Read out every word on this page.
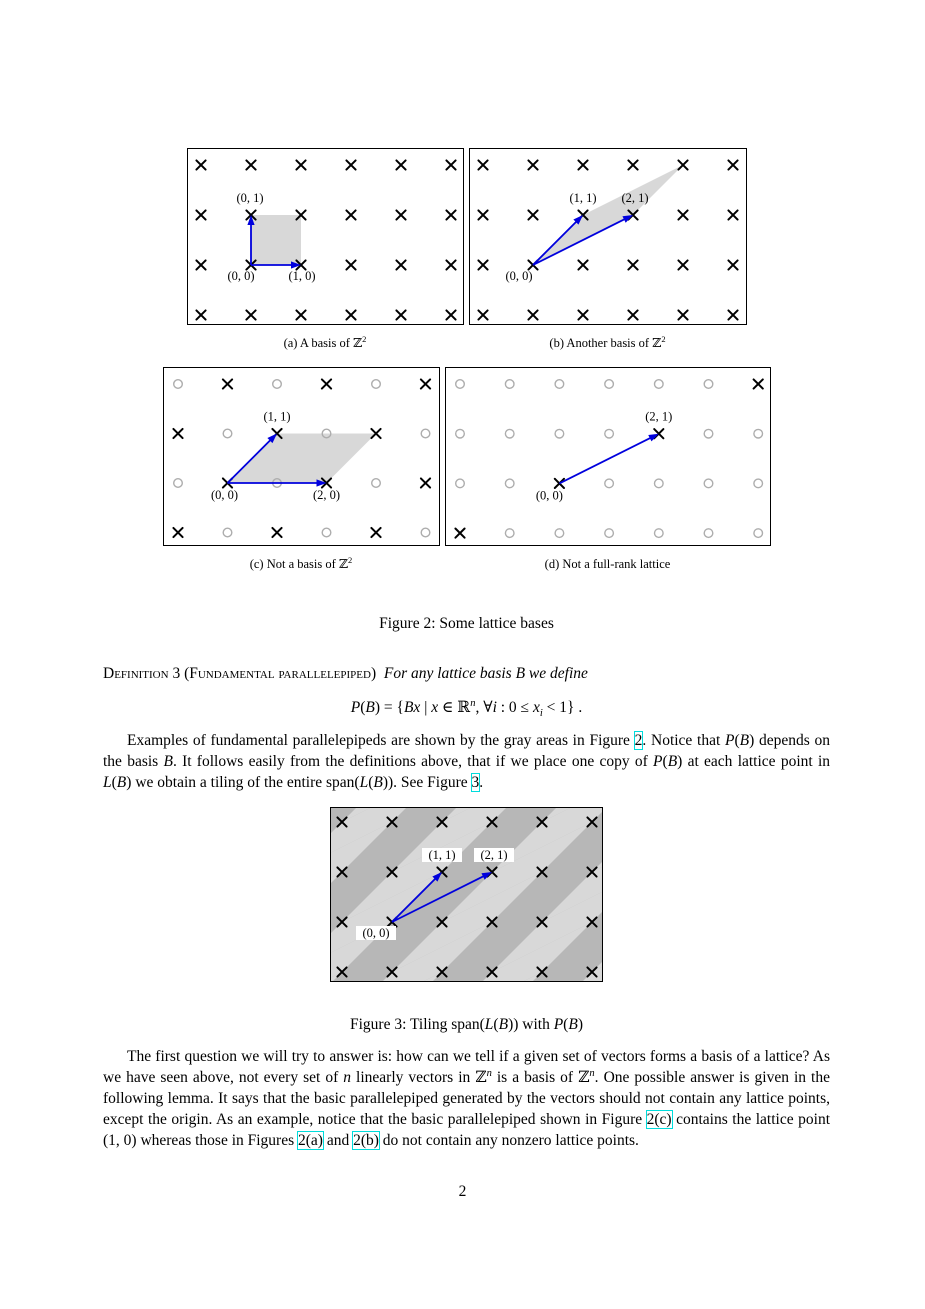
(0, 1)
(0, 0)	(1, 0)
(a) A basis of ℤ$^2$
(1, 1) (2, 1)
(0, 0)
(b) Another basis of ℤ$^2$
(1, 1)
(0, 0)	(2, 0)
(c) Not a basis of ℤ$^2$
(2, 1)
(0, 0)
(d) Not a full-rank lattice
Figure 2: Some lattice bases

Definition 3 (Fundamental parallelepiped)  For any lattice basis B we define

P(B) = {Bx | x ∈ ℝ$^n$, ∀i : $0 \le x_i < 1$} .

Examples of fundamental parallelepipeds are shown by the gray areas in Figure 2. Notice that P(B) depends on the basis B. It follows easily from the definitions above, that if we place one copy of P(B) at each lattice point in L(B) we obtain a tiling of the entire span(L(B)). See Figure 3.

(1, 1) (2, 1)
(0, 0)
Figure 3: Tiling span(L(B)) with P(B)

The first question we will try to answer is: how can we tell if a given set of vectors forms a basis of a lattice? As we have seen above, not every set of n linearly vectors in ℤ$^n$ is a basis of ℤ$^n$. One possible answer is given in the following lemma. It says that the basic parallelepiped generated by the vectors should not contain any lattice points, except the origin. As an example, notice that the basic parallelepiped shown in Figure 2(c) contains the lattice point (1, 0) whereas those in Figures 2(a) and 2(b) do not contain any nonzero lattice points.

2
